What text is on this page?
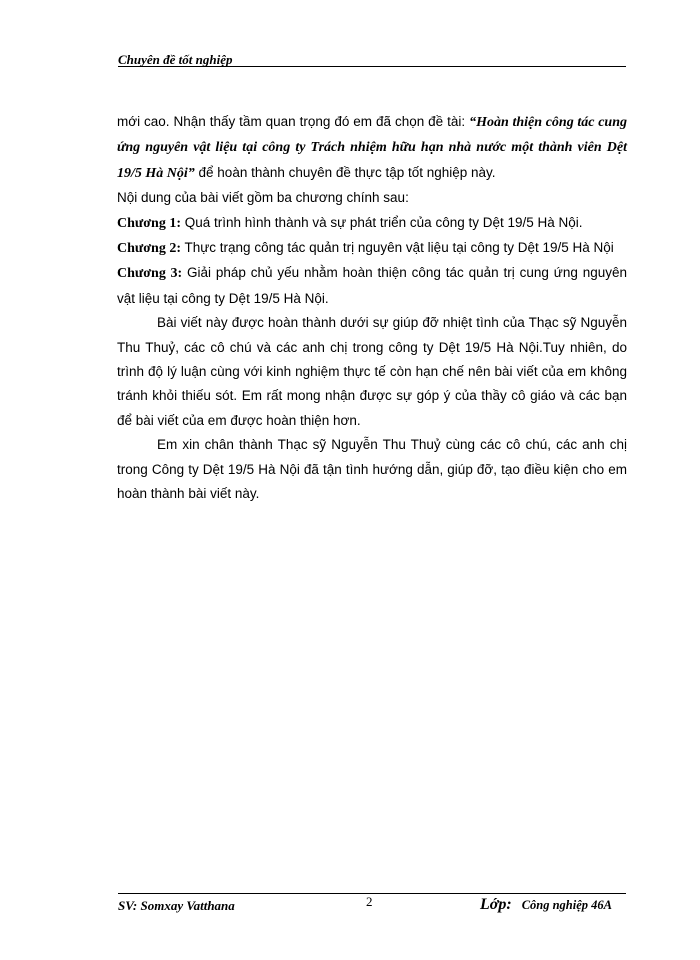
Chuyên đề tốt nghiệp

mới cao. Nhận thấy tầm quan trọng đó em đã chọn đề tài: “Hoàn thiện công tác cung ứng nguyên vật liệu tại công ty Trách nhiệm hữu hạn nhà nước một thành viên Dệt 19/5 Hà Nội” để hoàn thành chuyên đề thực tập tốt nghiệp này.

Nội dung của bài viết gồm ba chương chính sau:

Chương 1: Quá trình hình thành và sự phát triển của công ty Dệt 19/5 Hà Nội.

Chương 2: Thực trạng công tác quản trị nguyên vật liệu tại công ty Dệt 19/5 Hà Nội

Chương 3: Giải pháp chủ yếu nhằm hoàn thiện công tác quản trị cung ứng nguyên vật liệu tại công ty Dệt 19/5 Hà Nội.

Bài viết này được hoàn thành dưới sự giúp đỡ nhiệt tình của Thạc sỹ Nguyễn Thu Thuỷ, các cô chú và các anh chị trong công ty Dệt 19/5 Hà Nội.Tuy nhiên, do trình độ lý luận cùng với kinh nghiệm thực tế còn hạn chế nên bài viết của em không tránh khỏi thiếu sót. Em rất mong nhận được sự góp ý của thầy cô giáo và các bạn để bài viết của em được hoàn thiện hơn.

Em xin chân thành Thạc sỹ Nguyễn Thu Thuỷ cùng các cô chú, các anh chị trong Công ty Dệt 19/5 Hà Nội đã tận tình hướng dẫn, giúp đỡ, tạo điều kiện cho em hoàn thành bài viết này.

SV: Somxay Vatthana	2	Lớp: Công nghiệp 46A
